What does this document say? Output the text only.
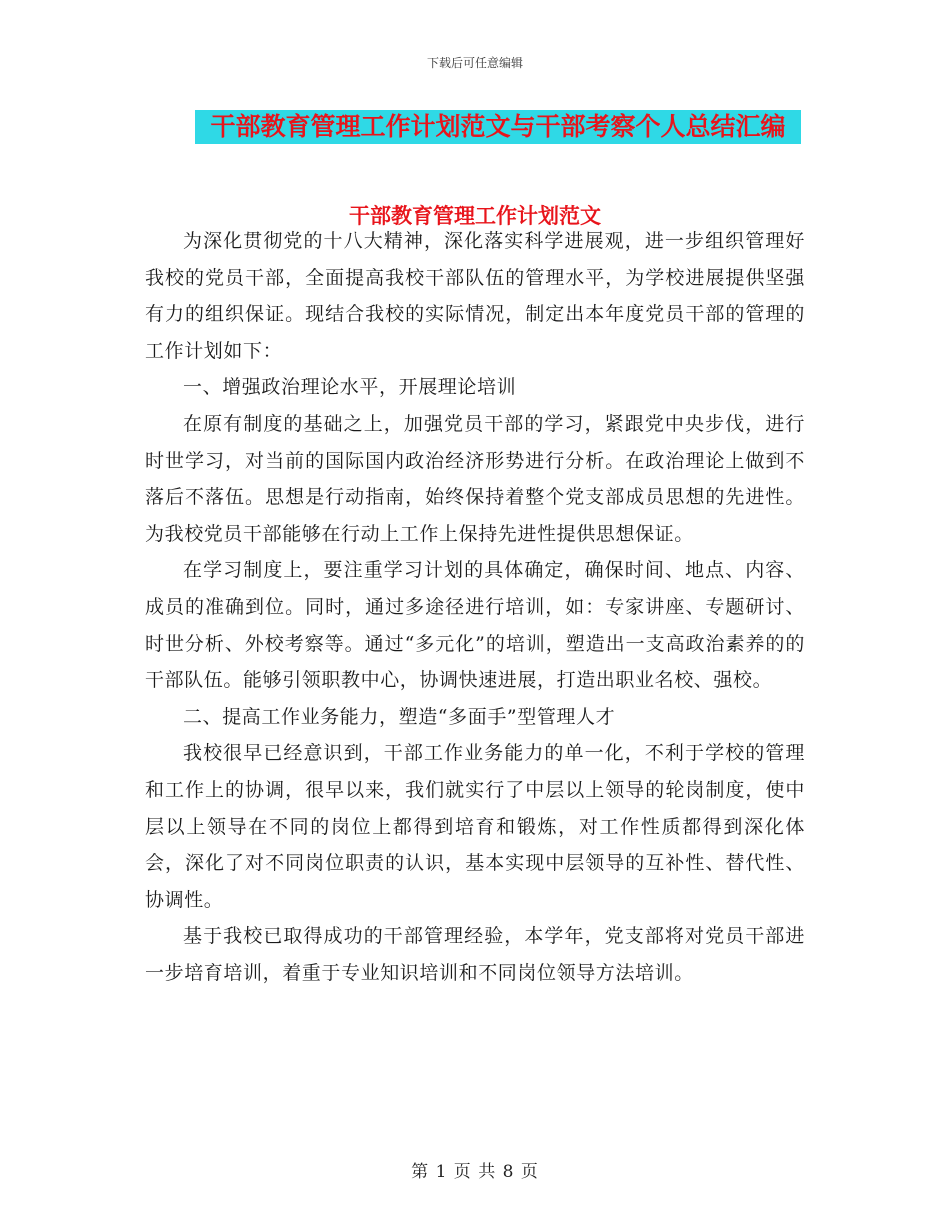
下载后可任意编辑
干部教育管理工作计划范文与干部考察个人总结汇编
干部教育管理工作计划范文

为深化贯彻党的十八大精神，深化落实科学进展观，进一步组织管理好我校的党员干部，全面提高我校干部队伍的管理水平，为学校进展提供坚强有力的组织保证。现结合我校的实际情况，制定出本年度党员干部的管理的工作计划如下：

一、增强政治理论水平，开展理论培训

在原有制度的基础之上，加强党员干部的学习，紧跟党中央步伐，进行时世学习，对当前的国际国内政治经济形势进行分析。在政治理论上做到不落后不落伍。思想是行动指南，始终保持着整个党支部成员思想的先进性。为我校党员干部能够在行动上工作上保持先进性提供思想保证。

在学习制度上，要注重学习计划的具体确定，确保时间、地点、内容、成员的准确到位。同时，通过多途径进行培训，如：专家讲座、专题研讨、时世分析、外校考察等。通过“多元化”的培训，塑造出一支高政治素养的的干部队伍。能够引领职教中心，协调快速进展，打造出职业名校、强校。

二、提高工作业务能力，塑造“多面手”型管理人才

我校很早已经意识到，干部工作业务能力的单一化，不利于学校的管理和工作上的协调，很早以来，我们就实行了中层以上领导的轮岗制度，使中层以上领导在不同的岗位上都得到培育和锻炼，对工作性质都得到深化体会，深化了对不同岗位职责的认识，基本实现中层领导的互补性、替代性、协调性。

基于我校已取得成功的干部管理经验，本学年，党支部将对党员干部进一步培育培训，着重于专业知识培训和不同岗位领导方法培训。

第 1 页 共 8 页
